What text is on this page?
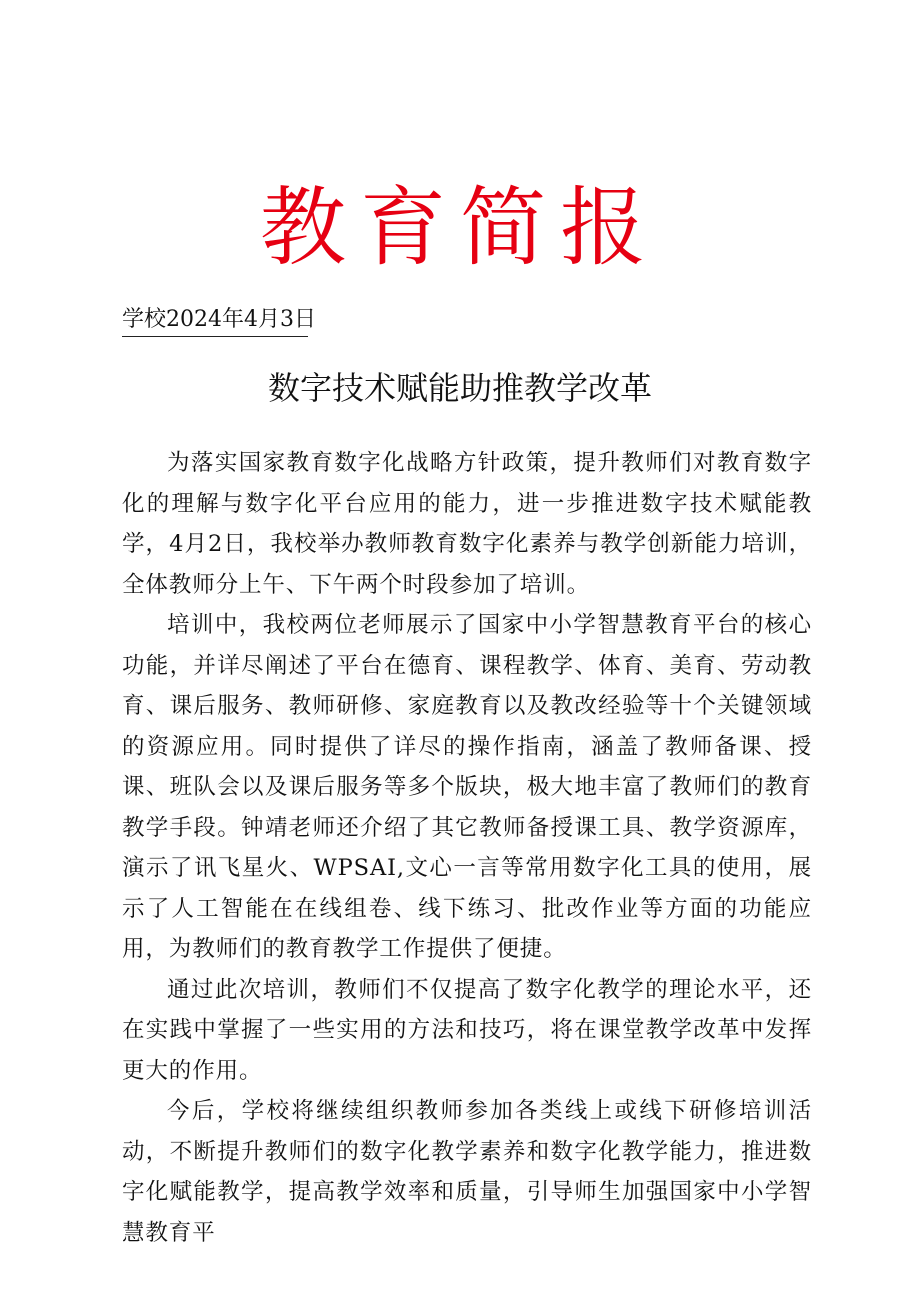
教育简报
学校2024年4月3日
数字技术赋能助推教学改革

为落实国家教育数字化战略方针政策，提升教师们对教育数字化的理解与数字化平台应用的能力，进一步推进数字技术赋能教学，4月2日，我校举办教师教育数字化素养与教学创新能力培训，全体教师分上午、下午两个时段参加了培训。

培训中，我校两位老师展示了国家中小学智慧教育平台的核心功能，并详尽阐述了平台在德育、课程教学、体育、美育、劳动教育、课后服务、教师研修、家庭教育以及教改经验等十个关键领域的资源应用。同时提供了详尽的操作指南，涵盖了教师备课、授课、班队会以及课后服务等多个版块，极大地丰富了教师们的教育教学手段。钟靖老师还介绍了其它教师备授课工具、教学资源库，演示了讯飞星火、WPSAI,文心一言等常用数字化工具的使用，展示了人工智能在在线组卷、线下练习、批改作业等方面的功能应用，为教师们的教育教学工作提供了便捷。

通过此次培训，教师们不仅提高了数字化教学的理论水平，还在实践中掌握了一些实用的方法和技巧，将在课堂教学改革中发挥更大的作用。

今后，学校将继续组织教师参加各类线上或线下研修培训活动，不断提升教师们的数字化教学素养和数字化教学能力，推进数字化赋能教学，提高教学效率和质量，引导师生加强国家中小学智慧教育平
